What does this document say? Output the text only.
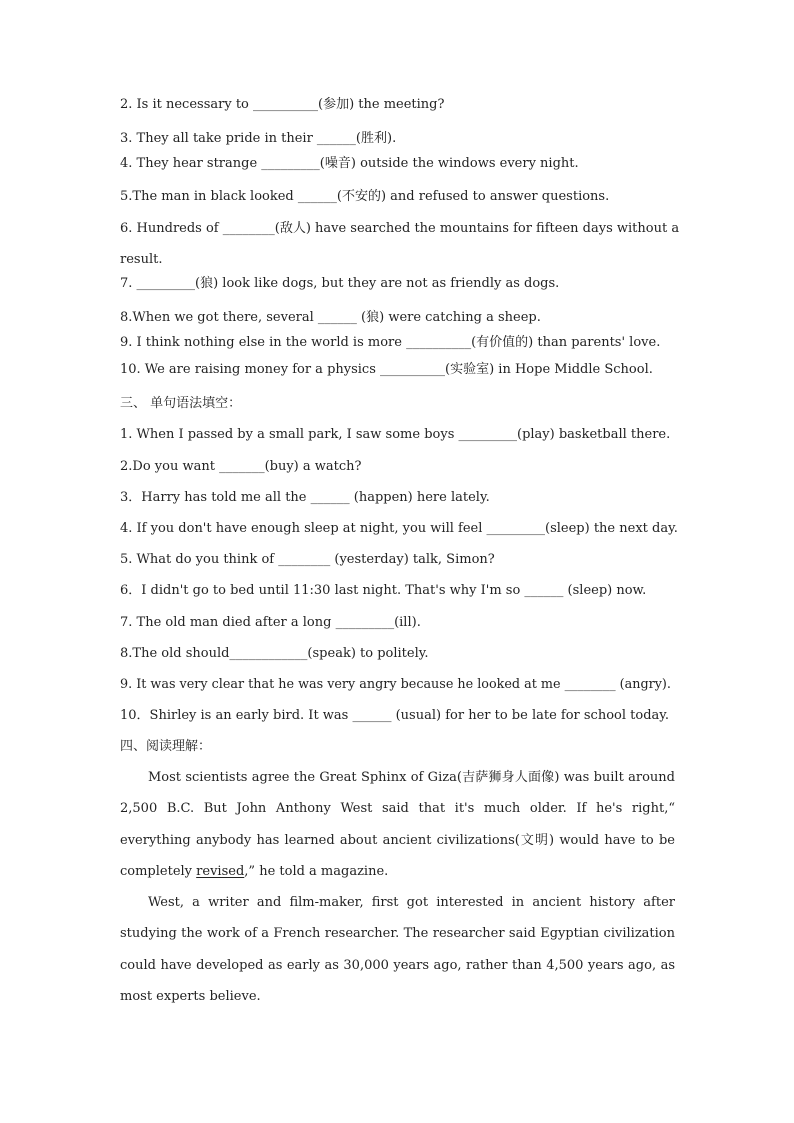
2. Is it necessary to __________(参加) the meeting?
3. They all take pride in their ______(胜利).
4. They hear strange _________(噪音) outside the windows every night.
5.The man in black looked ______(不安的) and refused to answer questions.
6. Hundreds of ________(敌人) have searched the mountains for fifteen days without a
result.
7. _________(狼) look like dogs, but they are not as friendly as dogs.
8.When we got there, several ______ (狼) were catching a sheep.
9. I think nothing else in the world is more __________(有价值的) than parents' love.
10. We are raising money for a physics __________(实验室) in Hope Middle School.
三、 单句语法填空：
1. When I passed by a small park, I saw some boys _________(play) basketball there.
2.Do you want _______(buy) a watch?
3．Harry has told me all the ______ (happen) here lately.
4. If you don't have enough sleep at night, you will feel _________(sleep) the next day.
5. What do you think of ________ (yesterday) talk, Simon?
6．I didn't go to bed until 11:30 last night. That's why I'm so ______ (sleep) now.
7. The old man died after a long _________(ill).
8.The old should____________(speak) to politely.
9. It was very clear that he was very angry because he looked at me ________ (angry).
10．Shirley is an early bird. It was ______ (usual) for her to be late for school today.
四、阅读理解：
Most scientists agree the Great Sphinx of Giza(吉萨狮身人面像) was built around 2,500 B.C. But John Anthony West said that it's much older. If he's right,“ everything anybody has learned about ancient civilizations(文明) would have to be completely revised,” he told a magazine.
West, a writer and film-maker, first got interested in ancient history after studying the work of a French researcher. The researcher said Egyptian civilization could have developed as early as 30,000 years ago, rather than 4,500 years ago, as most experts believe.
